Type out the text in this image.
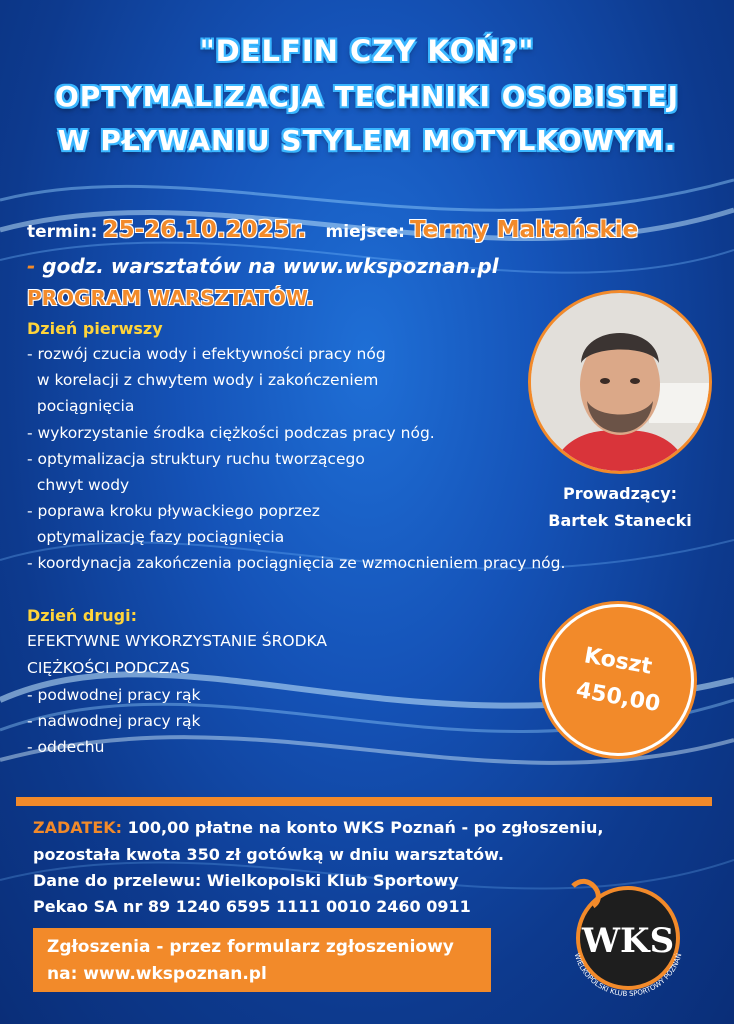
"DELFIN CZY KOŃ?"
OPTYMALIZACJA TECHNIKI OSOBISTEJ
W PŁYWANIU STYLEM MOTYLKOWYM.
termin: 25-26.10.2025r. miejsce: Termy Maltańskie
- godz. warsztatów na www.wkspoznan.pl
PROGRAM WARSZTATÓW.
Dzień pierwszy
- rozwój czucia wody i efektywności pracy nóg
w korelacji z chwytem wody i zakończeniem
pociągnięcia
- wykorzystanie środka ciężkości podczas pracy nóg.
- optymalizacja struktury ruchu tworzącego
chwyt wody
- poprawa kroku pływackiego poprzez
optymalizację fazy pociągnięcia
- koordynacja zakończenia pociągnięcia ze wzmocnieniem pracy nóg.
Dzień drugi:
EFEKTYWNE WYKORZYSTANIE ŚRODKA
CIĘŻKOŚCI PODCZAS
- podwodnej pracy rąk
- nadwodnej pracy rąk
- oddechu
Prowadzący:
Bartek Stanecki
Koszt
450,00
ZADATEK: 100,00 płatne na konto WKS Poznań - po zgłoszeniu,
pozostała kwota 350 zł gotówką w dniu warsztatów.
Dane do przelewu: Wielkopolski Klub Sportowy
Pekao SA nr 89 1240 6595 1111 0010 2460 0911
Zgłoszenia - przez formularz zgłoszeniowy
na: www.wkspoznan.pl
WKS
WIELKOPOLSKI KLUB SPORTOWY POZNAŃ
